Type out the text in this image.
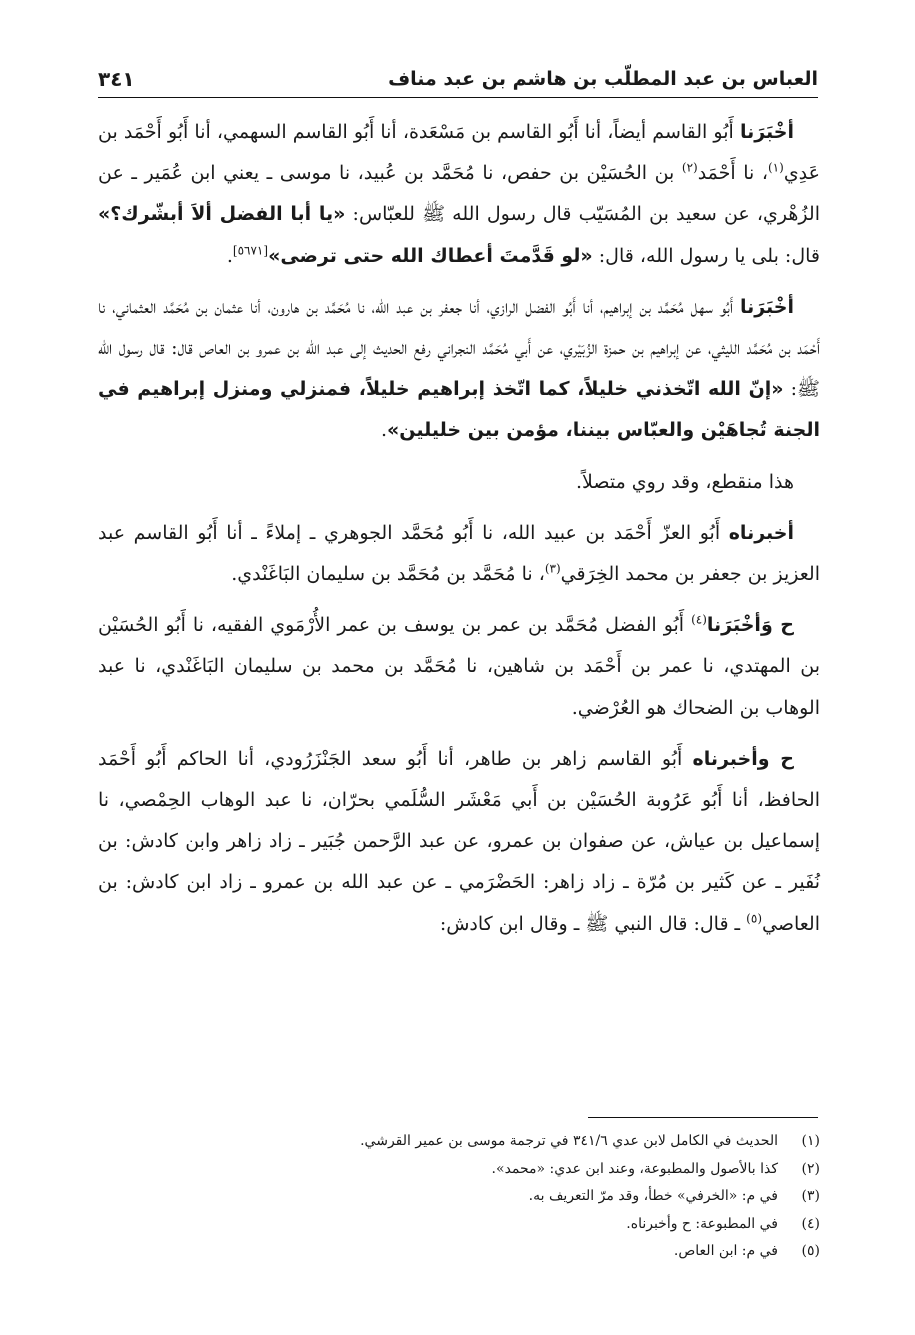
العباس بن عبد المطلّب بن هاشم بن عبد مناف
٣٤١

أخْبَرَنا أَبُو القاسم أيضاً، أنا أَبُو القاسم بن مَسْعَدة، أنا أَبُو القاسم السهمي، أنا أَبُو أَحْمَد بن عَدِي$^{(١)}$، نا أَحْمَد$^{(٢)}$ بن الحُسَيْن بن حفص، نا مُحَمَّد بن عُبيد، نا موسى ـ يعني ابن عُمَير ـ عن الزُهْري، عن سعيد بن المُسَيّب قال رسول الله ﷺ للعبّاس: «يا أبا الفضل ألاَ أبشّرك؟» قال: بلى يا رسول الله، قال: «لو قَدَّمتَ أعطاك الله حتى ترضى»[٥٦٧١].

أخْبَرَنا أَبُو سهل مُحَمَّد بن إبراهيم، أنا أَبُو الفضل الرازي، أنا جعفر بن عبد الله، نا مُحَمَّد بن هارون، أنا عثمان بن مُحَمَّد العثماني، نا أَحْمَد بن مُحَمَّد الليثي، عن إبراهيم بن حمزة الزُبَيْري، عن أَبي مُحَمَّد النجراني رفع الحديث إلى عبد الله بن عمرو بن العاص قال: قال رسول الله ﷺ: «إنّ الله اتّخذني خليلاً، كما اتّخذ إبراهيم خليلاً، فمنزلي ومنزل إبراهيم في الجنة تُجاهَيْن والعبّاس بيننا، مؤمن بين خليلين».

هذا منقطع، وقد روي متصلاً.

أخبرناه أَبُو العزّ أَحْمَد بن عبيد الله، نا أَبُو مُحَمَّد الجوهري ـ إملاءً ـ أنا أَبُو القاسم عبد العزيز بن جعفر بن محمد الخِرَقي$^{(٣)}$، نا مُحَمَّد بن مُحَمَّد بن سليمان البَاغَنْدي.

ح وَأخْبَرَنا$^{(٤)}$ أَبُو الفضل مُحَمَّد بن عمر بن يوسف بن عمر الأُرْمَوي الفقيه، نا أَبُو الحُسَيْن بن المهتدي، نا عمر بن أَحْمَد بن شاهين، نا مُحَمَّد بن محمد بن سليمان البَاغَنْدي، نا عبد الوهاب بن الضحاك هو العُرْضي.

ح وأخبرناه أَبُو القاسم زاهر بن طاهر، أنا أَبُو سعد الجَنْزَرُودي، أنا الحاكم أَبُو أَحْمَد الحافظ، أنا أَبُو عَرُوبة الحُسَيْن بن أَبي مَعْشَر السُّلَمي بحرّان، نا عبد الوهاب الحِمْصي، نا إسماعيل بن عياش، عن صفوان بن عمرو، عن عبد الرَّحمن جُبَير ـ زاد زاهر وابن كادش: بن نُفَير ـ عن كَثير بن مُرّة ـ زاد زاهر: الحَضْرَمي ـ عن عبد الله بن عمرو ـ زاد ابن كادش: بن العاصي$^{(٥)}$ ـ قال: قال النبي ﷺ ـ وقال ابن كادش:

(١)الحديث في الكامل لابن عدي ٣٤١/٦ في ترجمة موسى بن عمير القرشي.
(٢)كذا بالأصول والمطبوعة، وعند ابن عدي: «محمد».
(٣)في م: «الخرفي» خطأ، وقد مرّ التعريف به.
(٤)في المطبوعة: ح وأخبرناه.
(٥)في م: ابن العاص.
